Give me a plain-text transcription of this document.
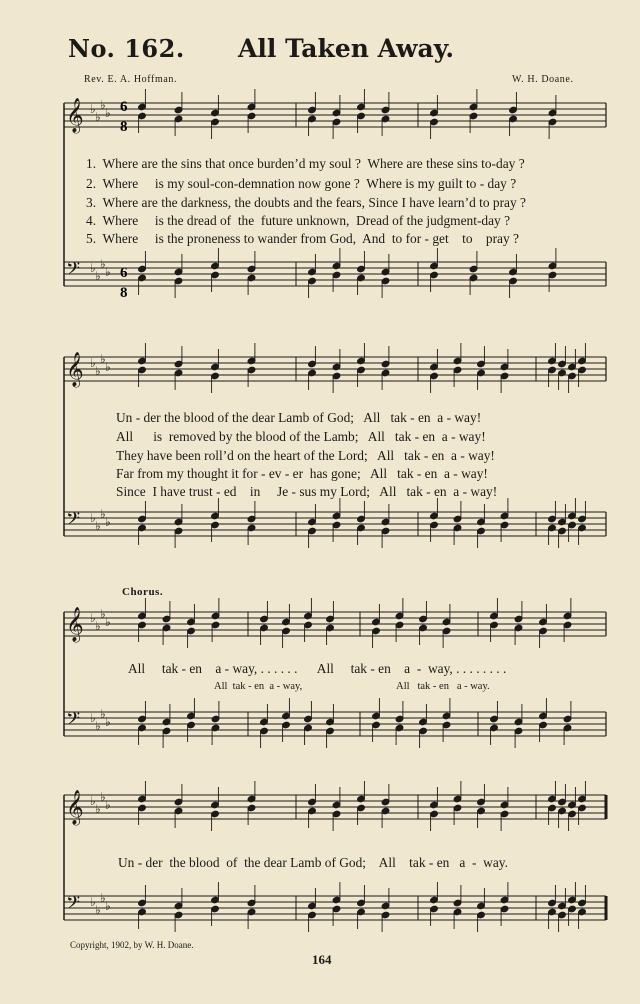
No. 162. All Taken Away.
Rev. E. A. Hoffman.	W. H. Doane.
𝄞 ♭
♭
♭
♭
𝄢 ♭
♭
♭
♭
𝄞 ♭
♭
♭
♭
𝄢 ♭
♭
♭
♭
𝄞 ♭
♭
♭
♭
𝄢 ♭
♭
♭
♭
𝄞 ♭
♭
♭
♭
𝄢 ♭
♭
♭
♭
6
8
6
8
1.  Where are the sins that once burden’d my soul ?  Where are these sins to-day ?
2.  Where     is my soul-con-demnation now gone ?  Where is my guilt to - day ?
3.  Where are the darkness, the doubts and the fears, Since I have learn’d to pray ?
4.  Where     is the dread of  the  future unknown,  Dread of the judgment-day ?
5.  Where     is the proneness to wander from God,  And  to for - get    to    pray ?
Un - der the blood of the dear Lamb of God;   All   tak - en  a - way!
All      is  removed by the blood of the Lamb;   All   tak - en  a - way!
They have been roll’d on the heart of the Lord;   All   tak - en  a - way!
Far from my thought it for - ev - er  has gone;   All   tak - en  a - way!
Since  I have trust - ed    in     Je - sus my Lord;   All   tak - en  a - way!
Chorus.
All     tak - en    a - way, . . . . . .      All     tak - en    a  -  way, . . . . . . . .
All  tak - en  a - way,                                    All   tak - en   a - way.
Un - der  the blood  of  the dear Lamb of God;    All    tak - en   a  -  way.
Copyright, 1902, by W. H. Doane.
164
